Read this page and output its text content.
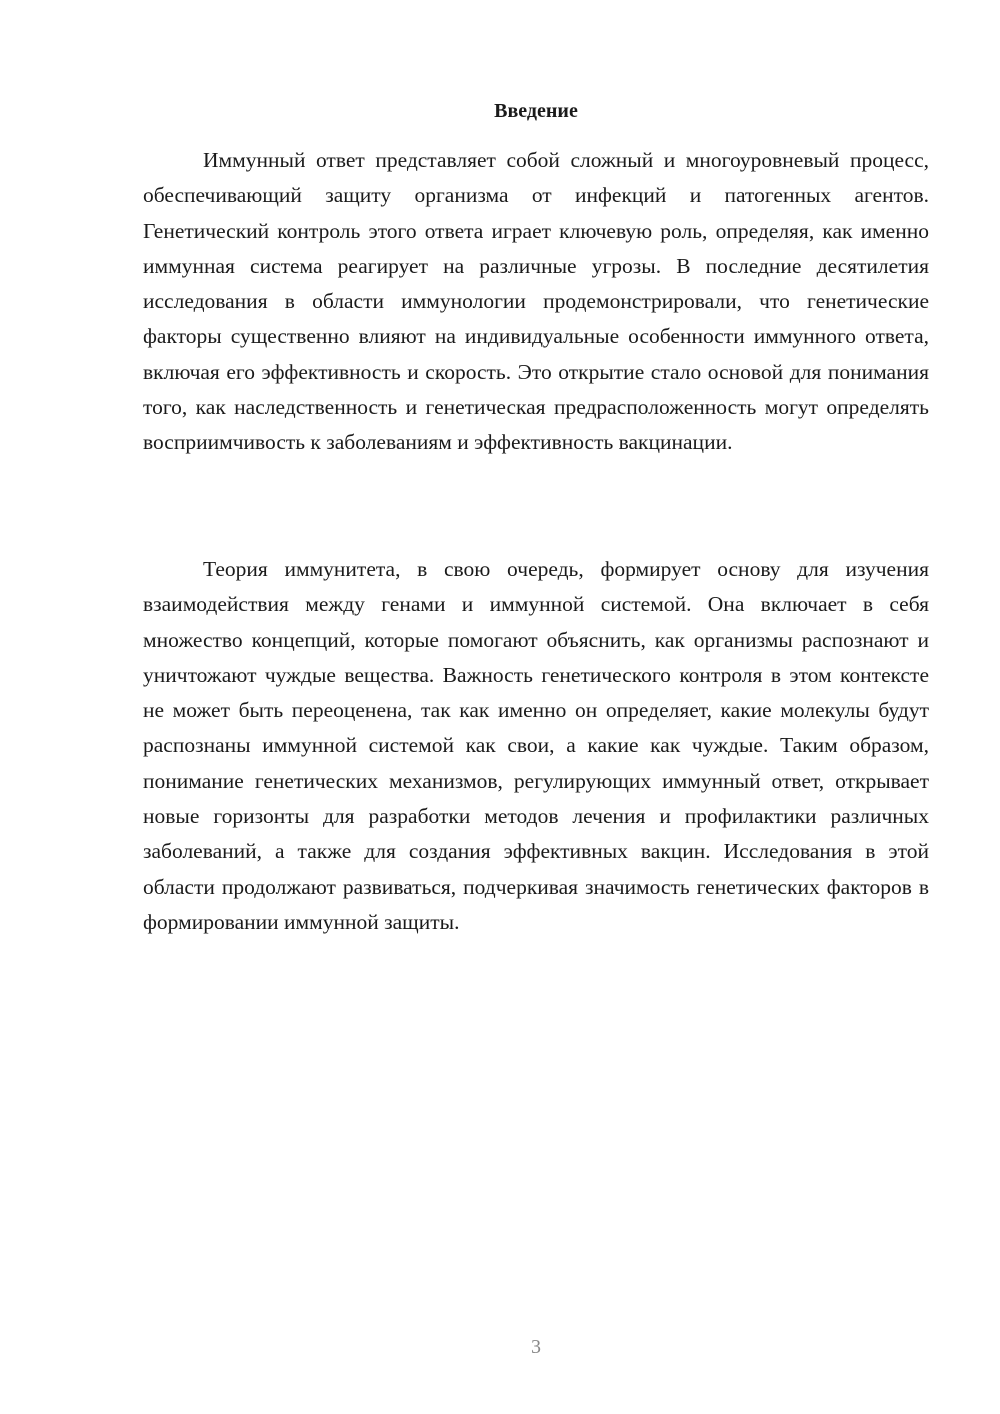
Введение

Иммунный ответ представляет собой сложный и многоуровневый процесс, обеспечивающий защиту организма от инфекций и патогенных агентов. Генетический контроль этого ответа играет ключевую роль, определяя, как именно иммунная система реагирует на различные угрозы. В последние десятилетия исследования в области иммунологии продемонстрировали, что генетические факторы существенно влияют на индивидуальные особенности иммунного ответа, включая его эффективность и скорость. Это открытие стало основой для понимания того, как наследственность и генетическая предрасположенность могут определять восприимчивость к заболеваниям и эффективность вакцинации.

Теория иммунитета, в свою очередь, формирует основу для изучения взаимодействия между генами и иммунной системой. Она включает в себя множество концепций, которые помогают объяснить, как организмы распознают и уничтожают чуждые вещества. Важность генетического контроля в этом контексте не может быть переоценена, так как именно он определяет, какие молекулы будут распознаны иммунной системой как свои, а какие как чуждые. Таким образом, понимание генетических механизмов, регулирующих иммунный ответ, открывает новые горизонты для разработки методов лечения и профилактики различных заболеваний, а также для создания эффективных вакцин. Исследования в этой области продолжают развиваться, подчеркивая значимость генетических факторов в формировании иммунной защиты.

3
